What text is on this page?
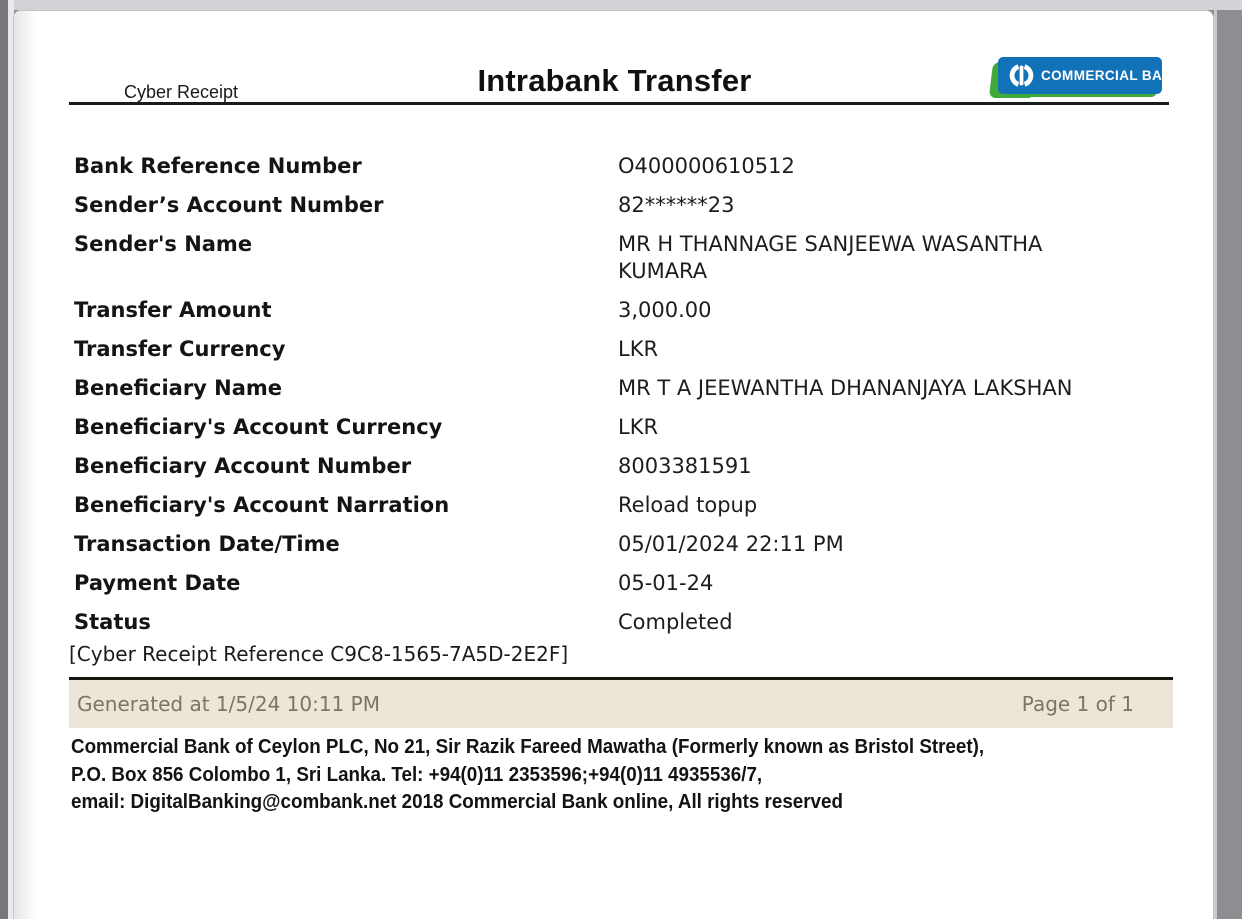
Cyber Receipt	Intrabank Transfer	COMMERCIAL BANK
Bank Reference Number	O400000610512
Sender’s Account Number	82******23
Sender's Name	MR H THANNAGE SANJEEWA WASANTHA KUMARA
Transfer Amount	3,000.00
Transfer Currency	LKR
Beneficiary Name	MR T A JEEWANTHA DHANANJAYA LAKSHAN
Beneficiary's Account Currency	LKR
Beneficiary Account Number	8003381591
Beneficiary's Account Narration	Reload topup
Transaction Date/Time	05/01/2024 22:11 PM
Payment Date	05-01-24
Status	Completed
[Cyber Receipt Reference C9C8-1565-7A5D-2E2F]
Generated at 1/5/24 10:11 PM	Page 1 of 1
Commercial Bank of Ceylon PLC, No 21, Sir Razik Fareed Mawatha (Formerly known as Bristol Street),
P.O. Box 856 Colombo 1, Sri Lanka. Tel: +94(0)11 2353596;+94(0)11 4935536/7,
email: DigitalBanking@combank.net 2018 Commercial Bank online, All rights reserved
